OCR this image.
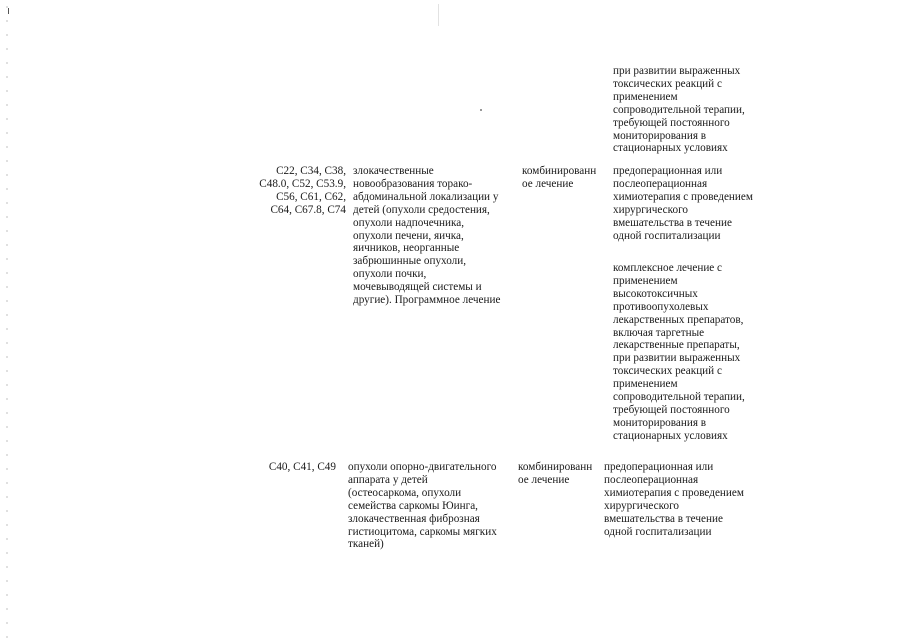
при развитии выраженных
токсических реакций с
применением
сопроводительной терапии,
требующей постоянного
мониторирования в
стационарных условиях
C22, C34, C38,
C48.0, C52, C53.9,
C56, C61, C62,
C64, C67.8, C74
злокачественные
новообразования торако-
абдоминальной локализации у
детей (опухоли средостения,
опухоли надпочечника,
опухоли печени, яичка,
яичников, неорганные
забрюшинные опухоли,
опухоли почки,
мочевыводящей системы и
другие). Программное лечение
комбинированн
ое лечение
предоперационная или
послеоперационная
химиотерапия с проведением
хирургического
вмешательства в течение
одной госпитализации
комплексное лечение с
применением
высокотоксичных
противоопухолевых
лекарственных препаратов,
включая таргетные
лекарственные препараты,
при развитии выраженных
токсических реакций с
применением
сопроводительной терапии,
требующей постоянного
мониторирования в
стационарных условиях
C40, C41, C49 опухоли опорно-двигательного
аппарата у детей
(остеосаркома, опухоли
семейства саркомы Юинга,
злокачественная фиброзная
гистиоцитома, саркомы мягких
тканей)
комбинированн
ое лечение
предоперационная или
послеоперационная
химиотерапия с проведением
хирургического
вмешательства в течение
одной госпитализации
